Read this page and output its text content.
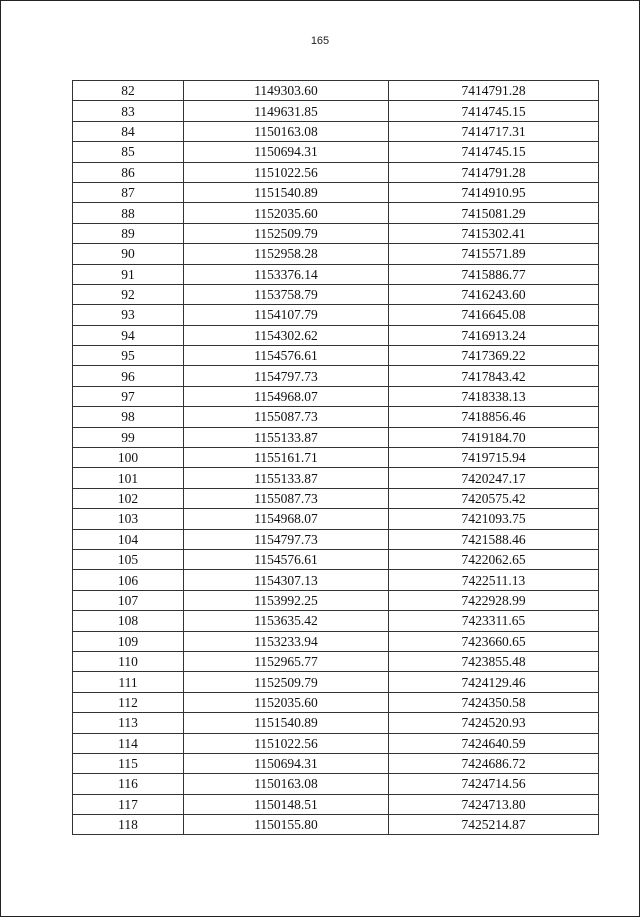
165
82	1149303.60	7414791.28
83	1149631.85	7414745.15
84	1150163.08	7414717.31
85	1150694.31	7414745.15
86	1151022.56	7414791.28
87	1151540.89	7414910.95
88	1152035.60	7415081.29
89	1152509.79	7415302.41
90	1152958.28	7415571.89
91	1153376.14	7415886.77
92	1153758.79	7416243.60
93	1154107.79	7416645.08
94	1154302.62	7416913.24
95	1154576.61	7417369.22
96	1154797.73	7417843.42
97	1154968.07	7418338.13
98	1155087.73	7418856.46
99	1155133.87	7419184.70
100	1155161.71	7419715.94
101	1155133.87	7420247.17
102	1155087.73	7420575.42
103	1154968.07	7421093.75
104	1154797.73	7421588.46
105	1154576.61	7422062.65
106	1154307.13	7422511.13
107	1153992.25	7422928.99
108	1153635.42	7423311.65
109	1153233.94	7423660.65
110	1152965.77	7423855.48
111	1152509.79	7424129.46
112	1152035.60	7424350.58
113	1151540.89	7424520.93
114	1151022.56	7424640.59
115	1150694.31	7424686.72
116	1150163.08	7424714.56
117	1150148.51	7424713.80
118	1150155.80	7425214.87
